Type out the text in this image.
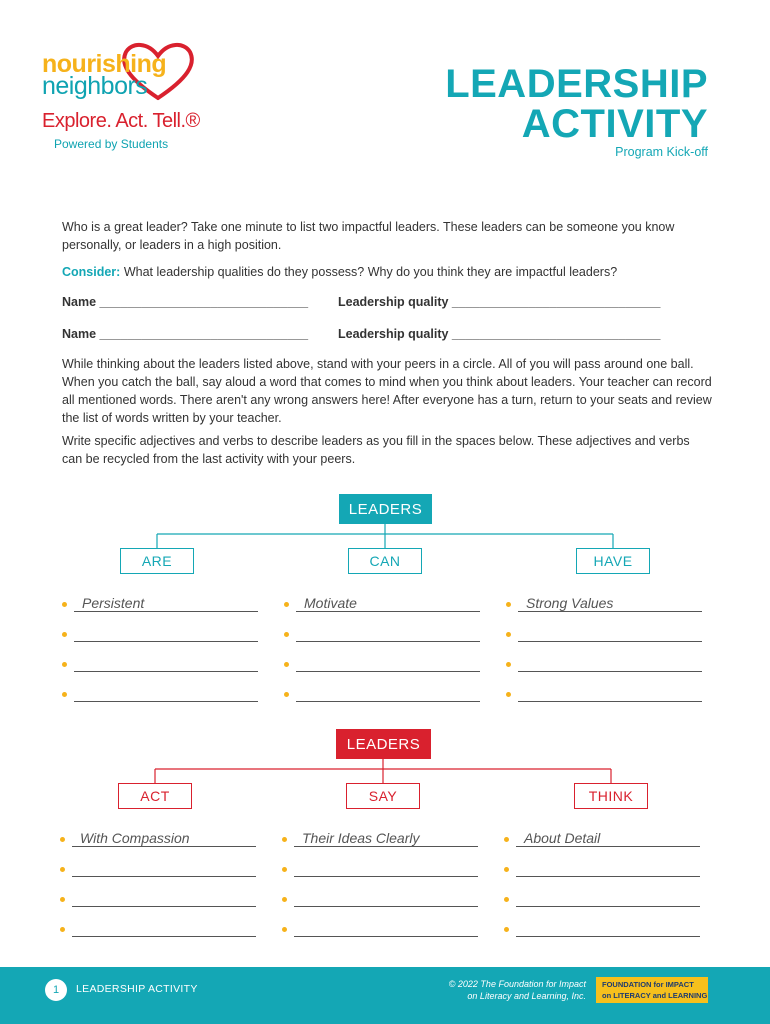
nourishing
neighbors
Explore. Act. Tell.®
Powered by Students
LEADERSHIP
ACTIVITY
Program Kick-off
Who is a great leader? Take one minute to list two impactful leaders. These leaders can be someone you know personally, or leaders in a high position.
Consider: What leadership qualities do they possess? Why do you think they are impactful leaders?
Name ______________________________ Leadership quality ______________________________
Name ______________________________ Leadership quality ______________________________
While thinking about the leaders listed above, stand with your peers in a circle. All of you will pass around one ball. When you catch the ball, say aloud a word that comes to mind when you think about leaders. Your teacher can record all mentioned words. There aren't any wrong answers here! After everyone has a turn, return to your seats and review the list of words written by your teacher.
Write specific adjectives and verbs to describe leaders as you fill in the spaces below. These adjectives and verbs can be recycled from the last activity with your peers.
LEADERS
ARE	CAN	HAVE
Persistent	Motivate	Strong Values
LEADERS
ACT	SAY	THINK
With Compassion	Their Ideas Clearly	About Detail
1	LEADERSHIP ACTIVITY	© 2022 The Foundation for Impact
on Literacy and Learning, Inc.
FOUNDATION for IMPACT
on LITERACY and LEARNING
